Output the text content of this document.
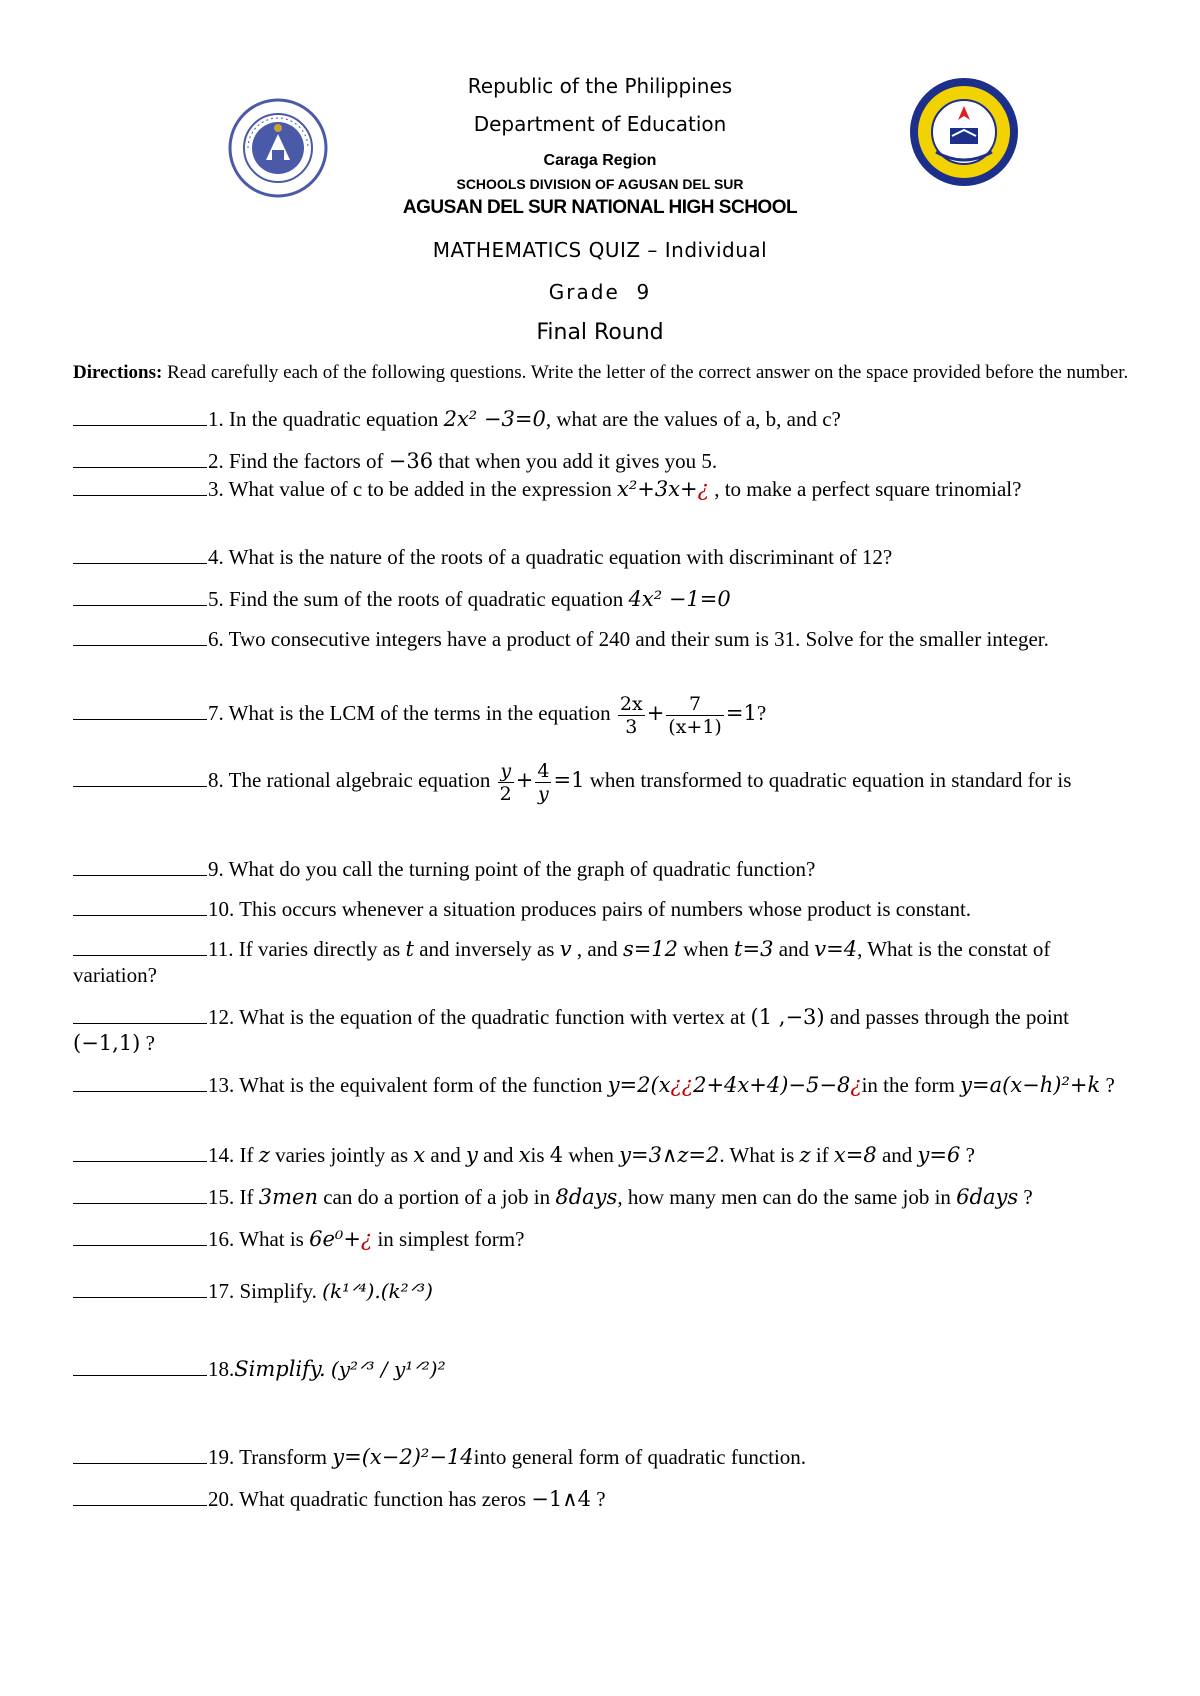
Republic of the Philippines
Department of Education
Caraga Region
SCHOOLS DIVISION OF AGUSAN DEL SUR
AGUSAN DEL SUR NATIONAL HIGH SCHOOL
MATHEMATICS QUIZ – Individual
Grade  9
Final Round
Directions: Read carefully each of the following questions. Write the letter of the correct answer on the space provided before the number.
1. In the quadratic equation 2x² −3=0, what are the values of a, b, and c?
2. Find the factors of −36 that when you add it gives you 5.
3. What value of c to be added in the expression x²+3x+¿ , to make a perfect square trinomial?
4. What is the nature of the roots of a quadratic equation with discriminant of 12?
5. Find the sum of the roots of quadratic equation 4x² −1=0
6. Two consecutive integers have a product of 240 and their sum is 31. Solve for the smaller integer.
7. What is the LCM of the terms in the equation $\frac{2x}{3} + \frac{7}{(x+1)} =1$?
8. The rational algebraic equation $\frac{y}{2} + \frac{4}{y} =1$ when transformed to quadratic equation in standard for is
9. What do you call the turning point of the graph of quadratic function?
10. This occurs whenever a situation produces pairs of numbers whose product is constant.
11. If varies directly as t and inversely as v , and s=12 when t=3 and v=4, What is the constat of variation?
12. What is the equation of the quadratic function with vertex at (1 ,−3) and passes through the point (−1,1) ?
13. What is the equivalent form of the function y=2(x¿¿2+4x+4)−5−8¿in the form y=a(x−h)²+k ?
14. If z varies jointly as x and y and xis 4 when y=3∧z=2. What is z if x=8 and y=6 ?
15. If 3men can do a portion of a job in 8days, how many men can do the same job in 6days ?
16. What is 6e⁰+¿ in simplest form?
17. Simplify. (k¹ᐟ⁴).(k²ᐟ³)
18.Simplify. (y²ᐟ³ / y¹ᐟ²)²
19. Transform y=(x−2)²−14into general form of quadratic function.
20. What quadratic function has zeros −1∧4 ?
